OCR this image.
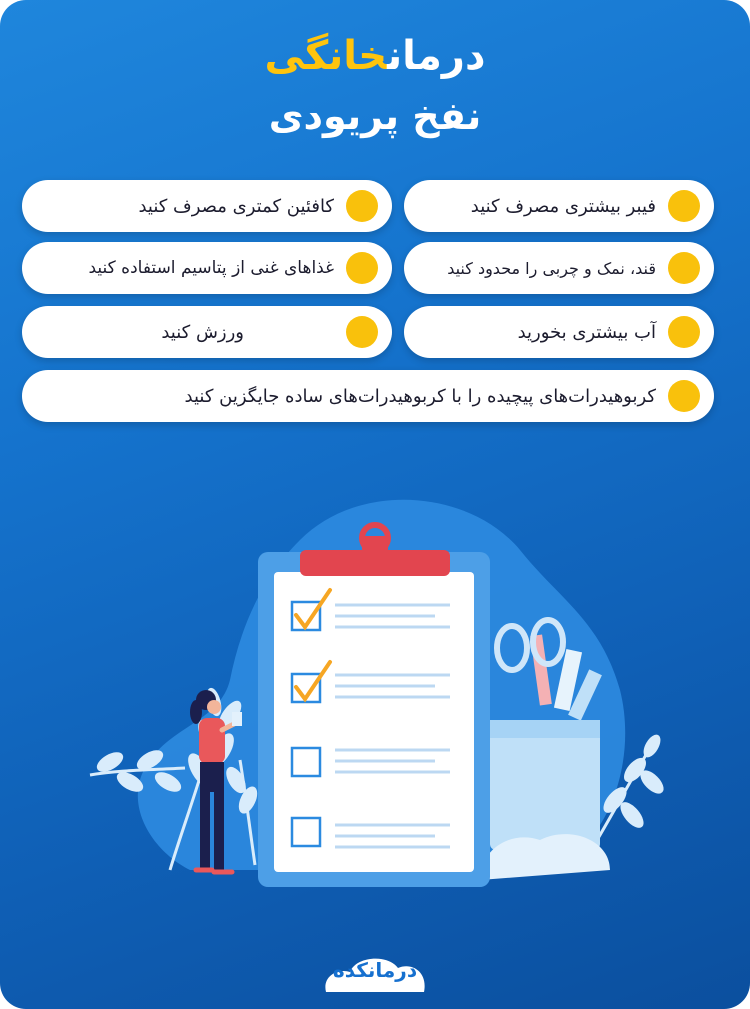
درمانخانگی
نفخ پریودی
فیبر بیشتری مصرف کنید
کافئین کمتری مصرف کنید
قند، نمک و چربی را محدود کنید
غذاهای غنی از پتاسیم استفاده کنید
آب بیشتری بخورید
ورزش کنید
کربوهیدرات‌های پیچیده را با کربوهیدرات‌های ساده جایگزین کنید
درمانکده
